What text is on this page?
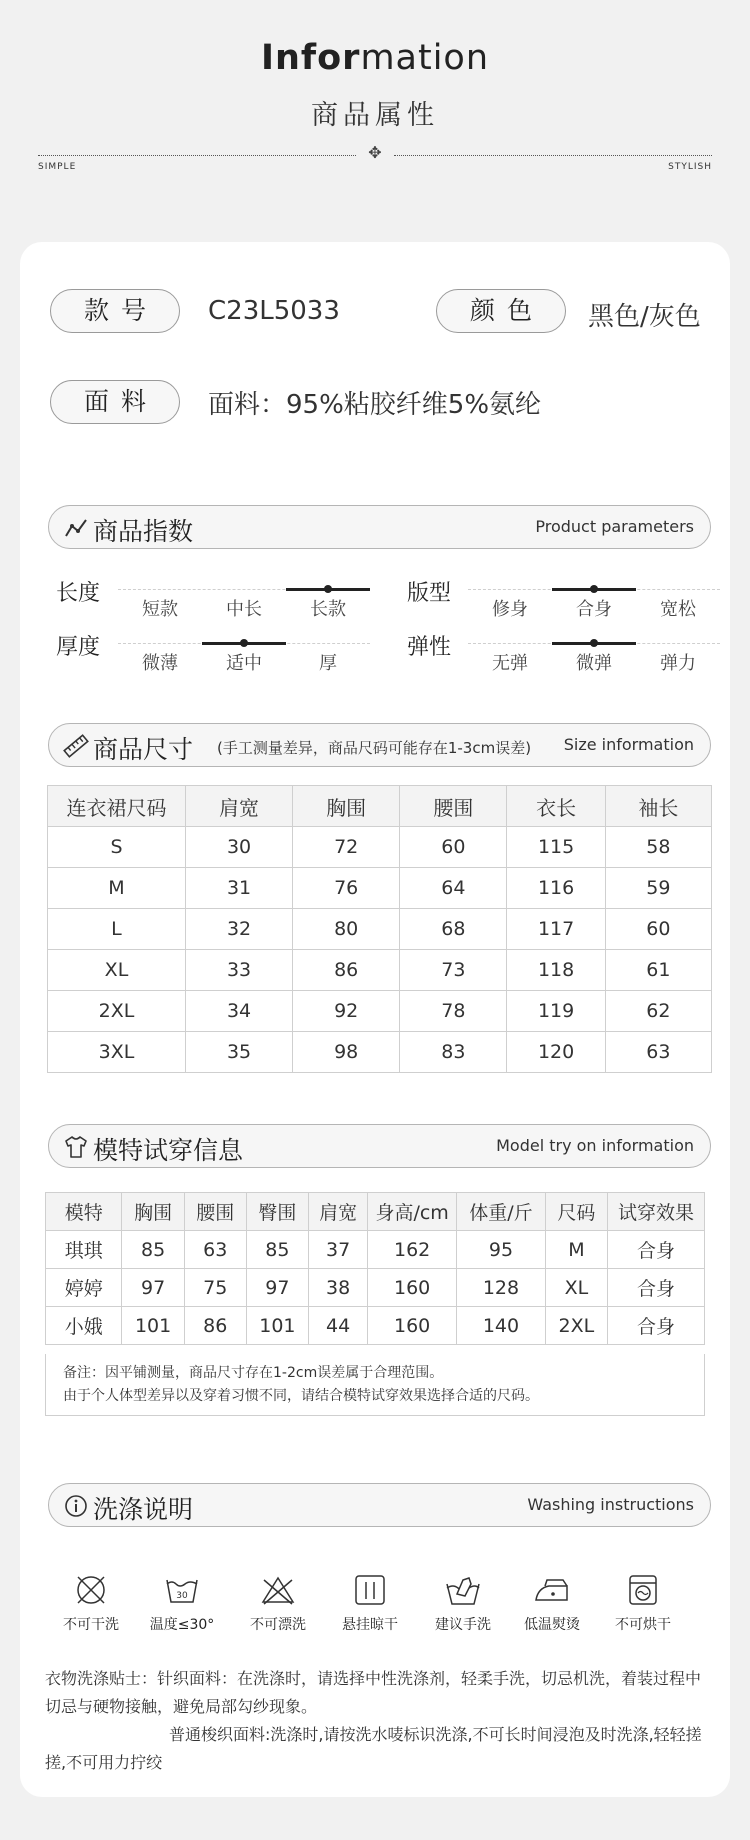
Information
商品属性
✥
SIMPLE	STYLISH
款号	C23L5033	颜色	黑色/灰色
面料	面料：95%粘胶纤维5%氨纶
商品指数	Product parameters
长度
短款	中长	长款
版型
修身	合身	宽松
厚度
微薄	适中	厚
弹性
无弹	微弹	弹力
商品尺寸 (手工测量差异，商品尺码可能存在1-3cm误差) Size information
连衣裙尺码	肩宽	胸围	腰围	衣长	袖长
S	30	72	60	115	58
M	31	76	64	116	59
L	32	80	68	117	60
XL	33	86	73	118	61
2XL	34	92	78	119	62
3XL	35	98	83	120	63
模特试穿信息	Model try on information
模特	胸围	腰围	臀围	肩宽	身高/cm	体重/斤	尺码	试穿效果
琪琪	85	63	85	37	162	95	M	合身
婷婷	97	75	97	38	160	128	XL	合身
小娥	101	86	101	44	160	140	2XL	合身
备注：因平铺测量，商品尺寸存在1-2cm误差属于合理范围。
由于个人体型差异以及穿着习惯不同，请结合模特试穿效果选择合适的尺码。
洗涤说明	Washing instructions
不可干洗
30
温度≤30°	不可漂洗	悬挂晾干	建议手洗	低温熨烫	不可烘干
衣物洗涤贴士：针织面料：在洗涤时，请选择中性洗涤剂，轻柔手洗，切忌机洗，着装过程中切忌与硬物接触，避免局部勾纱现象。
普通梭织面料:洗涤时,请按洗水唛标识洗涤,不可长时间浸泡及时洗涤,轻轻搓搓,不可用力拧绞
